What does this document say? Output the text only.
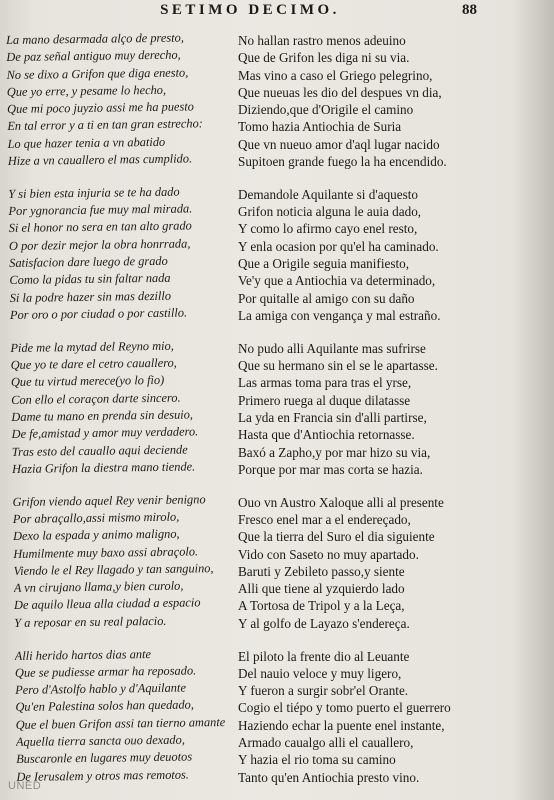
SETIMO DECIMO.	88
La mano desarmada alço de presto,
De paz señal antiguo muy derecho,
No se dixo a Grifon que diga enesto,
Que yo erre, y pesame lo hecho,
Que mi poco juyzio assi me ha puesto
En tal error y a ti en tan gran estrecho:
Lo que hazer tenia a vn abatido
Hize a vn cauallero el mas cumplido.
Y si bien esta injuria se te ha dado
Por ygnorancia fue muy mal mirada.
Si el honor no sera en tan alto grado
O por dezir mejor la obra honrrada,
Satisfacion dare luego de grado
Como la pidas tu sin faltar nada
Si la podre hazer sin mas dezillo
Por oro o por ciudad o por castillo.
Pide me la mytad del Reyno mio,
Que yo te dare el cetro cauallero,
Que tu virtud merece(yo lo fio)
Con ello el coraçon darte sincero.
Dame tu mano en prenda sin desuio,
De fe,amistad y amor muy verdadero.
Tras esto del cauallo aqui deciende
Hazia Grifon la diestra mano tiende.
Grifon viendo aquel Rey venir benigno
Por abraçallo,assi mismo mirolo,
Dexo la espada y animo maligno,
Humilmente muy baxo assi abraçolo.
Viendo le el Rey llagado y tan sanguino,
A vn cirujano llama,y bien curolo,
De aquilo lleua alla ciudad a espacio
Y a reposar en su real palacio.
Alli herido hartos dias ante
Que se pudiesse armar ha reposado.
Pero d'Astolfo hablo y d'Aquilante
Qu'en Palestina solos han quedado,
Que el buen Grifon assi tan tierno amante
Aquella tierra sancta ouo dexado,
Buscaronle en lugares muy deuotos
De Ierusalem y otros mas remotos.
No hallan rastro menos adeuino
Que de Grifon les diga ni su via.
Mas vino a caso el Griego pelegrino,
Que nueuas les dio del despues vn dia,
Diziendo,que d'Origile el camino
Tomo hazia Antiochia de Suria
Que vn nueuo amor d'aql lugar nacido
Supitoen grande fuego la ha encendido.
Demandole Aquilante si d'aquesto
Grifon noticia alguna le auia dado,
Y como lo afirmo cayo enel resto,
Y enla ocasion por qu'el ha caminado.
Que a Origile seguia manifiesto,
Ve'y que a Antiochia va determinado,
Por quitalle al amigo con su daño
La amiga con vengança y mal estraño.
No pudo alli Aquilante mas sufrirse
Que su hermano sin el se le apartasse.
Las armas toma para tras el yrse,
Primero ruega al duque dilatasse
La yda en Francia sin d'alli partirse,
Hasta que d'Antiochia retornasse.
Baxó a Zapho,y por mar hizo su via,
Porque por mar mas corta se hazia.
Ouo vn Austro Xaloque alli al presente
Fresco enel mar a el endereçado,
Que la tierra del Suro el dia siguiente
Vido con Saseto no muy apartado.
Baruti y Zebileto passo,y siente
Alli que tiene al yzquierdo lado
A Tortosa de Tripol y a la Leça,
Y al golfo de Layazo s'endereça.
El piloto la frente dio al Leuante
Del nauio veloce y muy ligero,
Y fueron a surgir sobr'el Orante.
Cogio el tiépo y tomo puerto el guerrero
Haziendo echar la puente enel instante,
Armado caualgo alli el cauallero,
Y hazia el rio toma su camino
Tanto qu'en Antiochia presto vino.
UNED
